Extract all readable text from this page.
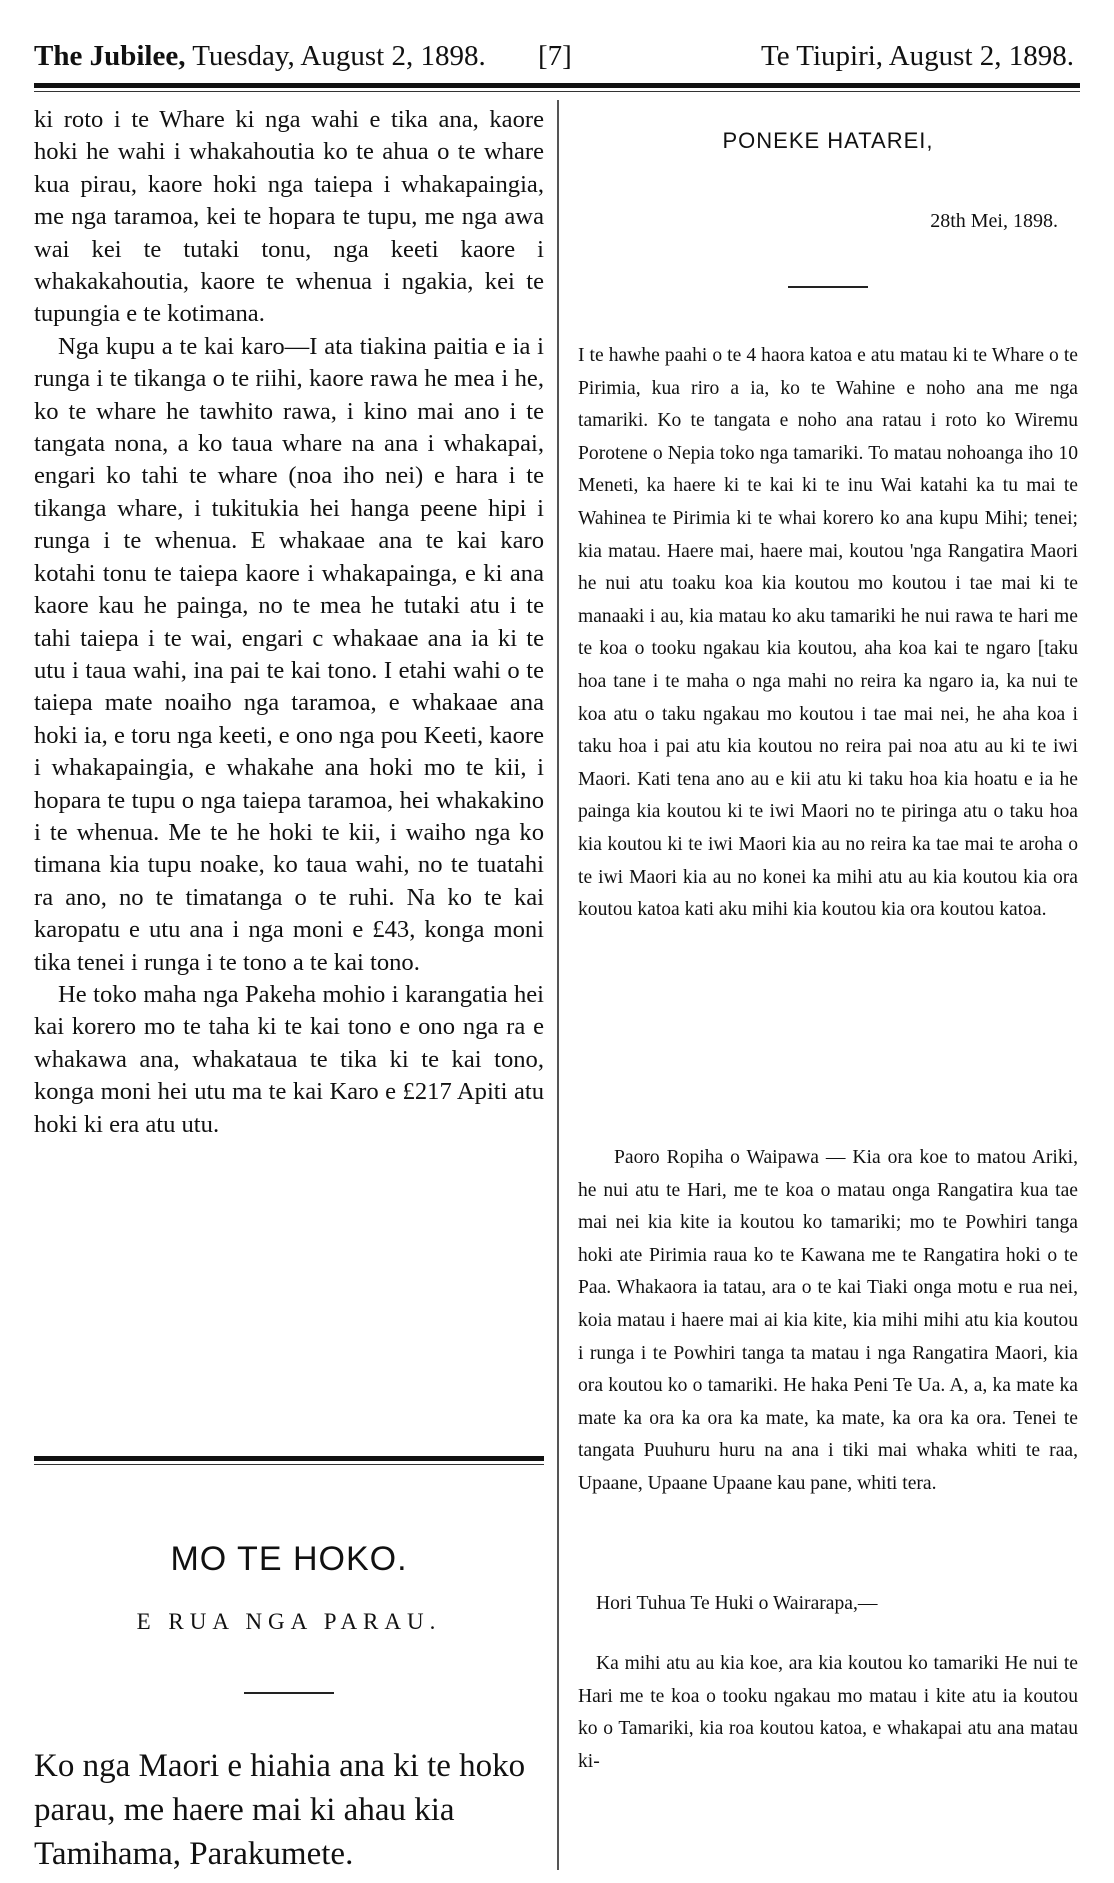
The Jubilee, Tuesday, August 2, 1898. [7]	Te Tiupiri, August 2, 1898.

ki roto i te Whare ki nga wahi e tika ana, kaore hoki he wahi i whakahoutia ko te ahua o te whare kua pirau, kaore hoki nga taiepa i whakapaingia, me nga taramoa, kei te hopara te tupu, me nga awa wai kei te tutaki tonu, nga keeti kaore i whakakahoutia, kaore te whenua i ngakia, kei te tupungia e te kotimana.

Nga kupu a te kai karo—I ata tiakina paitia e ia i runga i te tikanga o te riihi, kaore rawa he mea i he, ko te whare he tawhito rawa, i kino mai ano i te tangata nona, a ko taua whare na ana i whakapai, engari ko tahi te whare (noa iho nei) e hara i te tikanga whare, i tukitukia hei hanga peene hipi i runga i te whenua. E whakaae ana te kai karo kotahi tonu te taiepa kaore i whakapainga, e ki ana kaore kau he painga, no te mea he tutaki atu i te tahi taiepa i te wai, engari c whakaae ana ia ki te utu i taua wahi, ina pai te kai tono. I etahi wahi o te taiepa mate noaiho nga taramoa, e whakaae ana hoki ia, e toru nga keeti, e ono nga pou Keeti, kaore i whakapaingia, e whakahe ana hoki mo te kii, i hopara te tupu o nga taiepa taramoa, hei whakakino i te whenua. Me te he hoki te kii, i waiho nga ko timana kia tupu noake, ko taua wahi, no te tuatahi ra ano, no te timatanga o te ruhi. Na ko te kai karopatu e utu ana i nga moni e £43, konga moni tika tenei i runga i te tono a te kai tono.

He toko maha nga Pakeha mohio i karangatia hei kai korero mo te taha ki te kai tono e ono nga ra e whakawa ana, whakataua te tika ki te kai tono, konga moni hei utu ma te kai Karo e £217 Apiti atu hoki ki era atu utu.

MO TE HOKO.
E RUA NGA PARAU.

Ko nga Maori e hiahia ana ki te hoko parau, me haere mai ki ahau kia Tamihama, Parakumete.

PONEKE HATAREI,
28th Mei, 1898.

I te hawhe paahi o te 4 haora katoa e atu matau ki te Whare o te Pirimia, kua riro a ia, ko te Wahine e noho ana me nga tamariki. Ko te tangata e noho ana ratau i roto ko Wiremu Porotene o Nepia toko nga tamariki. To matau nohoanga iho 10 Meneti, ka haere ki te kai ki te inu Wai katahi ka tu mai te Wahinea te Pirimia ki te whai korero ko ana kupu Mihi; tenei; kia matau. Haere mai, haere mai, koutou 'nga Rangatira Maori he nui atu toaku koa kia koutou mo koutou i tae mai ki te manaaki i au, kia matau ko aku tamariki he nui rawa te hari me te koa o tooku ngakau kia koutou, aha koa kai te ngaro [taku hoa tane i te maha o nga mahi no reira ka ngaro ia, ka nui te koa atu o taku ngakau mo koutou i tae mai nei, he aha koa i taku hoa i pai atu kia koutou no reira pai noa atu au ki te iwi Maori. Kati tena ano au e kii atu ki taku hoa kia hoatu e ia he painga kia koutou ki te iwi Maori no te piringa atu o taku hoa kia koutou ki te iwi Maori kia au no reira ka tae mai te aroha o te iwi Maori kia au no konei ka mihi atu au kia koutou kia ora koutou katoa kati aku mihi kia koutou kia ora koutou katoa.

Paoro Ropiha o Waipawa — Kia ora koe to matou Ariki, he nui atu te Hari, me te koa o matau onga Rangatira kua tae mai nei kia kite ia koutou ko tamariki; mo te Powhiri tanga hoki ate Pirimia raua ko te Kawana me te Rangatira hoki o te Paa. Whakaora ia tatau, ara o te kai Tiaki onga motu e rua nei, koia matau i haere mai ai kia kite, kia mihi mihi atu kia koutou i runga i te Powhiri tanga ta matau i nga Rangatira Maori, kia ora koutou ko o tamariki. He haka Peni Te Ua. A, a, ka mate ka mate ka ora ka ora ka mate, ka mate, ka ora ka ora. Tenei te tangata Puuhuru huru na ana i tiki mai whaka whiti te raa, Upaane, Upaane Upaane kau pane, whiti tera.

Hori Tuhua Te Huki o Wairarapa,—

Ka mihi atu au kia koe, ara kia koutou ko tamariki He nui te Hari me te koa o tooku ngakau mo matau i kite atu ia koutou ko o Tamariki, kia roa koutou katoa, e whakapai atu ana matau ki-
